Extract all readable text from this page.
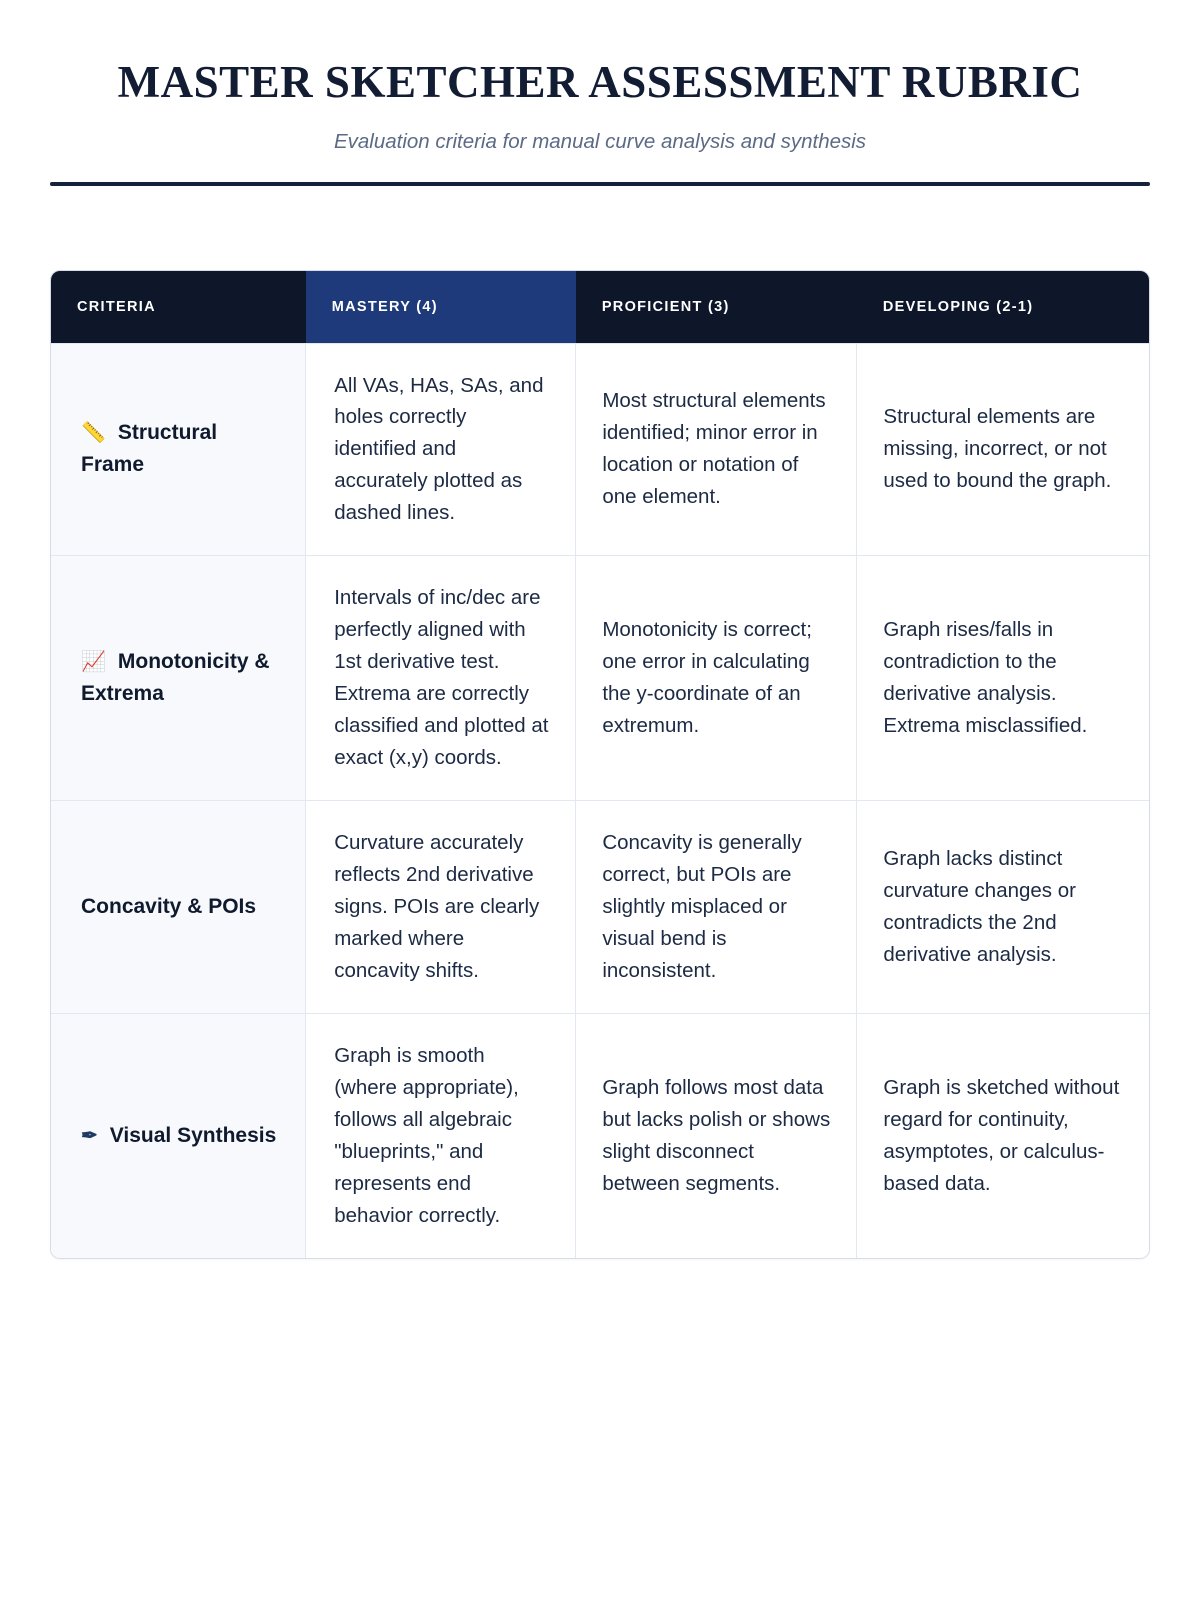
MASTER SKETCHER ASSESSMENT RUBRIC

Evaluation criteria for manual curve analysis and synthesis

CRITERIA	MASTERY (4)	PROFICIENT (3)	DEVELOPING (2-1)

📏 Structural Frame	All VAs, HAs, SAs, and holes correctly identified and accurately plotted as dashed lines.	Most structural elements identified; minor error in location or notation of one element.	Structural elements are missing, incorrect, or not used to bound the graph.

📈 Monotonicity & Extrema	Intervals of inc/dec are perfectly aligned with 1st derivative test. Extrema are correctly classified and plotted at exact (x,y) coords.	Monotonicity is correct; one error in calculating the y-coordinate of an extremum.	Graph rises/falls in contradiction to the derivative analysis. Extrema misclassified.

Concavity & POIs	Curvature accurately reflects 2nd derivative signs. POIs are clearly marked where concavity shifts.	Concavity is generally correct, but POIs are slightly misplaced or visual bend is inconsistent.	Graph lacks distinct curvature changes or contradicts the 2nd derivative analysis.

✒ Visual Synthesis	Graph is smooth (where appropriate), follows all algebraic "blueprints," and represents end behavior correctly.	Graph follows most data but lacks polish or shows slight disconnect between segments.	Graph is sketched without regard for continuity, asymptotes, or calculus-based data.
